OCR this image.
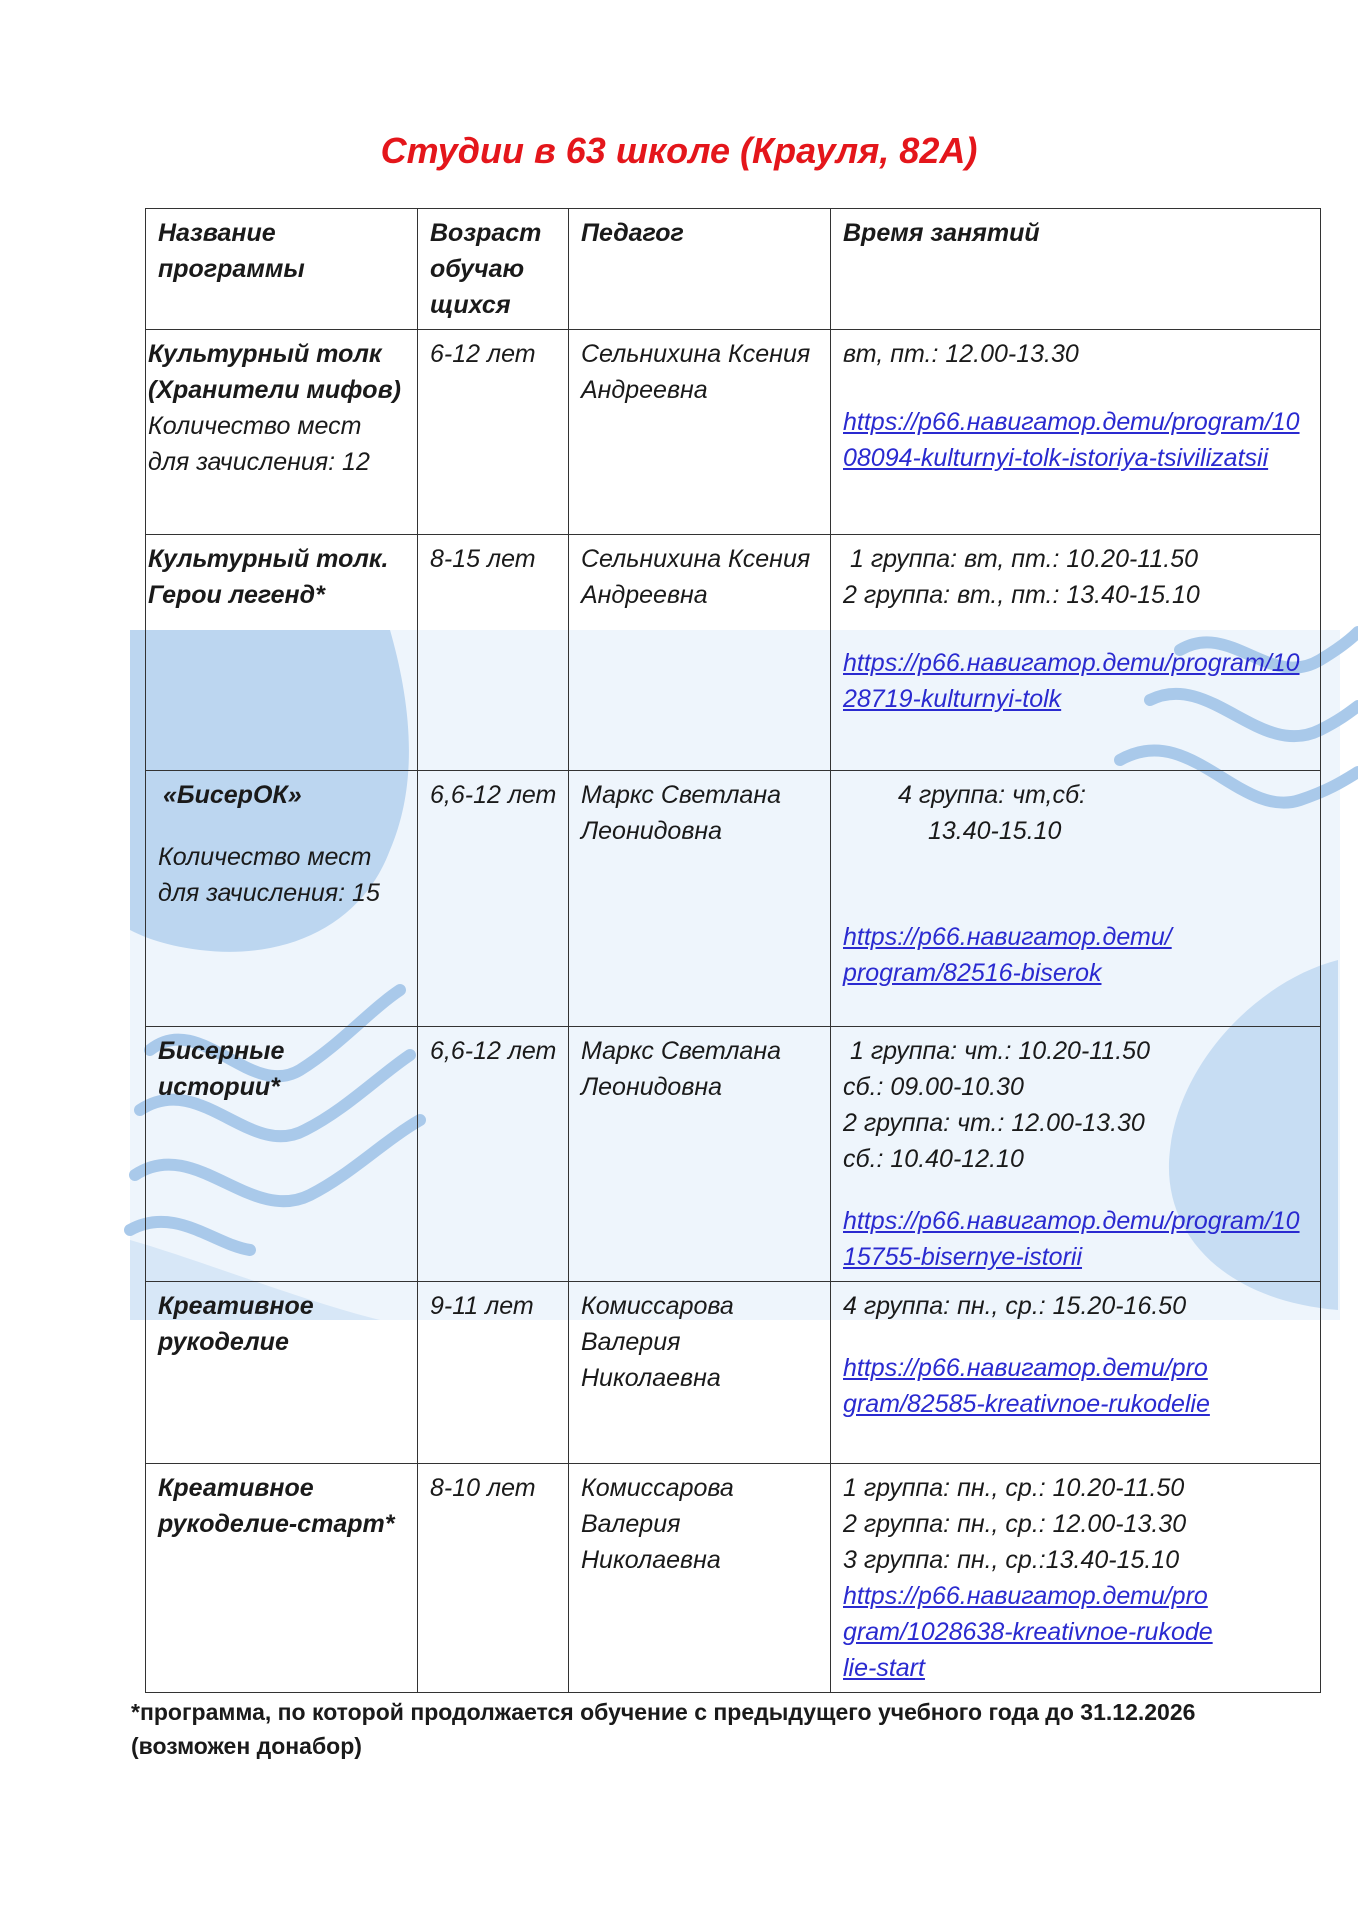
Студии в 63 школе (Крауля, 82А)
Название программы	Возраст обучаю щихся	Педагог	Время занятий

Культурный толк (Хранители мифов)
Количество мест для зачисления: 12	6-12 лет	Сельнихина Ксения Андреевна	вт, пт.: 12.00-13.30
https://р66.навигатор.дети/program/1008094-kulturnyi-tolk-istoriya-tsivilizatsii

Культурный толк. Герои легенд*	8-15 лет	Сельнихина Ксения Андреевна	1 группа: вт, пт.: 10.20-11.50
2 группа: вт., пт.: 13.40-15.10
https://р66.навигатор.дети/program/1028719-kulturnyi-tolk

«БисерОК»
Количество мест для зачисления: 15	6,6-12 лет	Маркс Светлана Леонидовна	4 группа: чт,сб:
13.40-15.10
https://р66.навигатор.дети/program/82516-biserok

Бисерные истории*	6,6-12 лет	Маркс Светлана Леонидовна	1 группа: чт.: 10.20-11.50
сб.: 09.00-10.30
2 группа: чт.: 12.00-13.30
сб.: 10.40-12.10
https://р66.навигатор.дети/program/1015755-bisernye-istorii

Креативное рукоделие	9-11 лет	Комиссарова Валерия Николаевна	4 группа: пн., ср.: 15.20-16.50
https://р66.навигатор.дети/program/82585-kreativnoe-rukodelie

Креативное рукоделие-старт*	8-10 лет	Комиссарова Валерия Николаевна	1 группа: пн., ср.: 10.20-11.50
2 группа: пн., ср.: 12.00-13.30
3 группа: пн., ср.:13.40-15.10
https://р66.навигатор.дети/program/1028638-kreativnoe-rukodelie-start
*программа, по которой продолжается обучение с предыдущего учебного года до 31.12.2026 (возможен донабор)
